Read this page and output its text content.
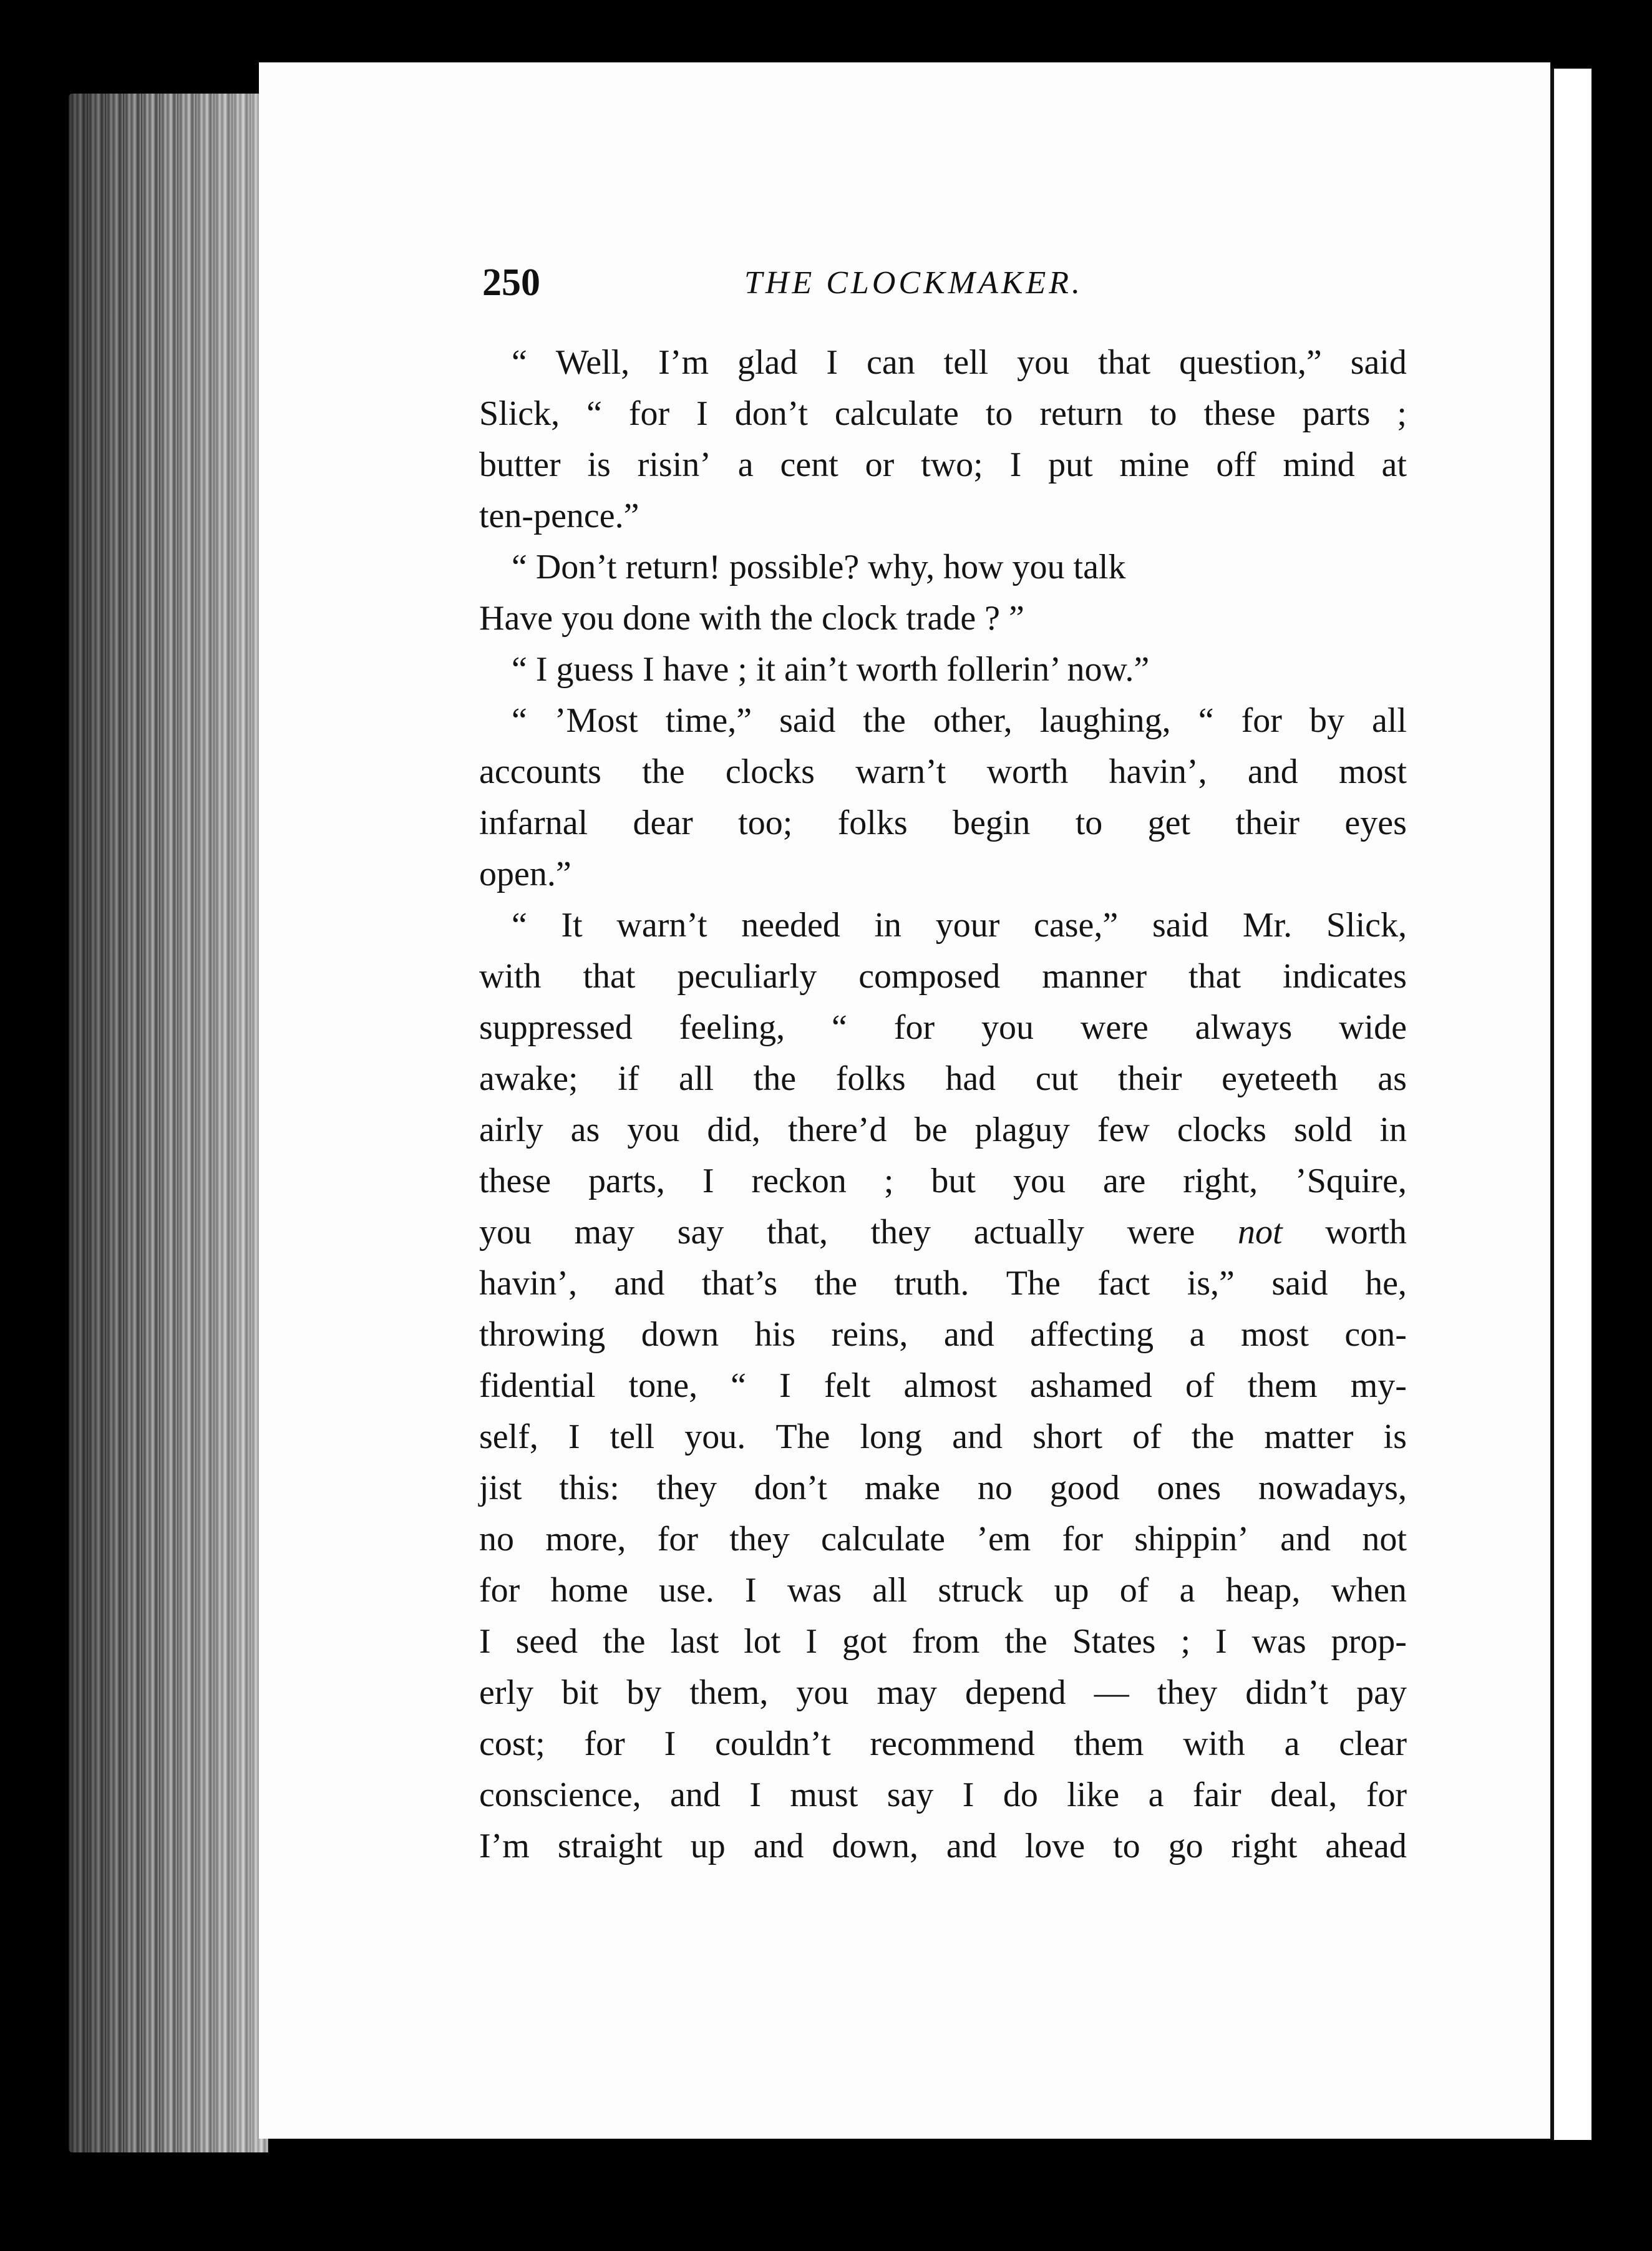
250	THE CLOCKMAKER.
“ Well, I’m glad I can tell you that question,” said
Slick, “ for I don’t calculate to return to these parts ;
butter is risin’ a cent or two; I put mine off mind at
ten-pence.”
“ Don’t return! possible? why, how you talk
Have you done with the clock trade ? ”
“ I guess I have ; it ain’t worth follerin’ now.”
“ ’Most time,” said the other, laughing, “ for by all
accounts the clocks warn’t worth havin’, and most
infarnal dear too; folks begin to get their eyes
open.”
“ It warn’t needed in your case,” said Mr. Slick,
with that peculiarly composed manner that indicates
suppressed feeling, “ for you were always wide
awake; if all the folks had cut their eyeteeth as
airly as you did, there’d be plaguy few clocks sold in
these parts, I reckon ; but you are right, ’Squire,
you may say that, they actually were not worth
havin’, and that’s the truth. The fact is,” said he,
throwing down his reins, and affecting a most con-
fidential tone, “ I felt almost ashamed of them my-
self, I tell you. The long and short of the matter is
jist this: they don’t make no good ones nowadays,
no more, for they calculate ’em for shippin’ and not
for home use. I was all struck up of a heap, when
I seed the last lot I got from the States ; I was prop-
erly bit by them, you may depend — they didn’t pay
cost; for I couldn’t recommend them with a clear
conscience, and I must say I do like a fair deal, for
I’m straight up and down, and love to go right ahead
